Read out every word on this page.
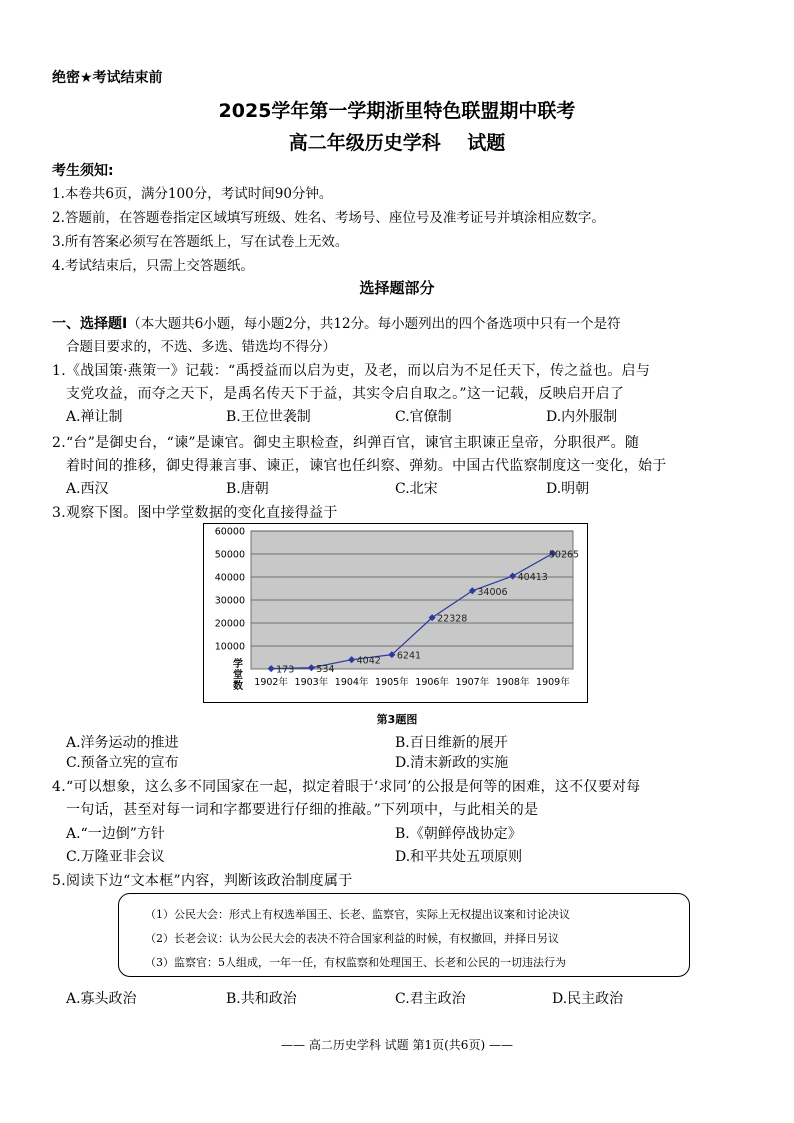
绝密★考试结束前
2025学年第一学期浙里特色联盟期中联考
高二年级历史学科    试题
考生须知:
1.本卷共6页，满分100分，考试时间90分钟。
2.答题前，在答题卷指定区域填写班级、姓名、考场号、座位号及准考证号并填涂相应数字。
3.所有答案必须写在答题纸上，写在试卷上无效。
4.考试结束后，只需上交答题纸。
选择题部分
一、选择题Ⅰ（本大题共6小题，每小题2分，共12分。每小题列出的四个备选项中只有一个是符
合题目要求的，不选、多选、错选均不得分）
1.《战国策·燕策一》记载：“禹授益而以启为吏，及老，而以启为不足任天下，传之益也。启与
支党攻益，而夺之天下，是禹名传天下于益，其实令启自取之。”这一记载，反映启开启了
A.禅让制	B.王位世袭制	C.官僚制	D.内外服制
2.“台”是御史台，“谏”是谏官。御史主职检查，纠弹百官，谏官主职谏正皇帝，分职很严。随
着时间的推移，御史得兼言事、谏正，谏官也任纠察、弹劾。中国古代监察制度这一变化，始于
A.西汉	B.唐朝	C.北宋	D.明朝
3.观察下图。图中学堂数据的变化直接得益于
10000
20000
30000
40000
50000
60000
1902年 1903年 1904年 1905年 1906年 1907年 1908年 1909年
173 534
4042 6241
22328
34006
40413
50265
学
堂
数
第3题图
A.洋务运动的推进	B.百日维新的展开
C.预备立宪的宣布	D.清末新政的实施
4.“可以想象，这么多不同国家在一起，拟定着眼于‘求同’的公报是何等的困难，这不仅要对每
一句话，甚至对每一词和字都要进行仔细的推敲。”下列项中，与此相关的是
A.“一边倒”方针	B.《朝鲜停战协定》
C.万隆亚非会议	D.和平共处五项原则
5.阅读下边“文本框”内容，判断该政治制度属于
（1）公民大会：形式上有权选举国王、长老、监察官，实际上无权提出议案和讨论决议
（2）长老会议：认为公民大会的表决不符合国家利益的时候，有权撤回，并择日另议
（3）监察官：5人组成，一年一任，有权监察和处理国王、长老和公民的一切违法行为
A.寡头政治	B.共和政治	C.君主政治	D.民主政治
—— 高二历史学科 试题 第1页(共6页) ——
